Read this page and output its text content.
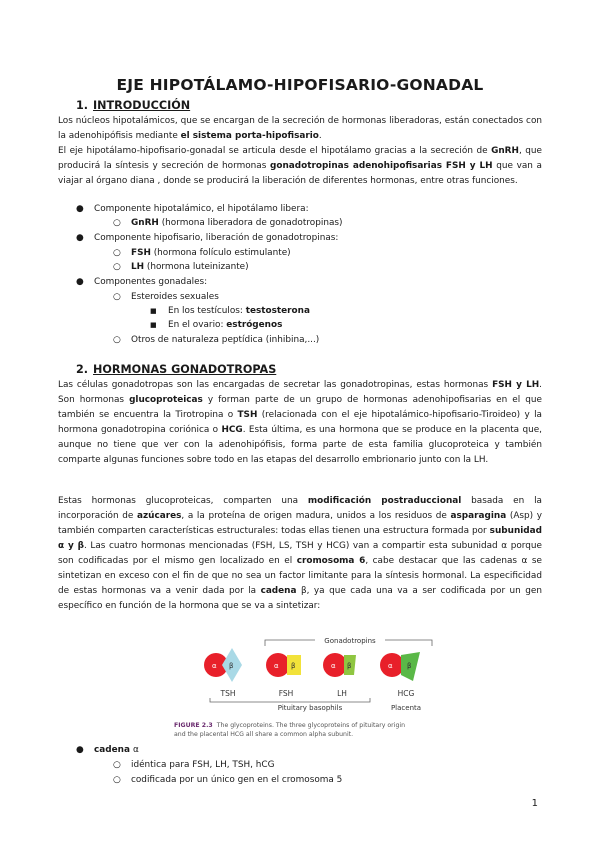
EJE HIPOTÁLAMO-HIPOFISARIO-GONADAL
1. INTRODUCCIÓN
Los núcleos hipotalámicos, que se encargan de la secreción de hormonas liberadoras, están conectados con la adenohipófisis mediante el sistema porta-hipofisario.
El eje hipotálamo-hipofisario-gonadal se articula desde el hipotálamo gracias a la secreción de GnRH, que producirá la síntesis y secreción de hormonas gonadotropinas adenohipofisarias FSH y LH que van a viajar al órgano diana , donde se producirá la liberación de diferentes hormonas, entre otras funciones.
● Componente hipotalámico, el hipotálamo libera:
○ GnRH (hormona liberadora de gonadotropinas)
● Componente hipofisario, liberación de gonadotropinas:
○ FSH (hormona folículo estimulante)
○ LH (hormona luteinizante)
● Componentes gonadales:
○ Esteroides sexuales
■ En los testículos: testosterona
■ En el ovario: estrógenos
○ Otros de naturaleza peptídica (inhibina,...)
2. HORMONAS GONADOTROPAS
Las células gonadotropas son las encargadas de secretar las gonadotropinas, estas hormonas FSH y LH. Son hormonas glucoproteicas y forman parte de un grupo de hormonas adenohipofisarias en el que también se encuentra la Tirotropina o TSH (relacionada con el eje hipotalámico-hipofisario-Tiroideo) y la hormona gonadotropina coriónica o HCG. Esta última, es una hormona que se produce en la placenta que, aunque no tiene que ver con la adenohipófisis, forma parte de esta familia glucoproteica y también comparte algunas funciones sobre todo en las etapas del desarrollo embrionario junto con la LH.
Estas hormonas glucoproteicas, comparten una modificación postraduccional basada en la incorporación de azúcares, a la proteína de origen madura, unidos a los residuos de asparagina (Asp) y también comparten características estructurales: todas ellas tienen una estructura formada por subunidad α y β. Las cuatro hormonas mencionadas (FSH, LS, TSH y HCG) van a compartir esta subunidad α porque son codificadas por el mismo gen localizado en el cromosoma 6, cabe destacar que las cadenas α se sintetizan en exceso con el fin de que no sea un factor limitante para la síntesis hormonal. La especificidad de estas hormonas va a venir dada por la cadena β, ya que cada una va a ser codificada por un gen específico en función de la hormona que se va a sintetizar:
Gonadotropins
α β
TSH
α β
FSH
α β
LH
α β
HCG
Pituitary basophils	Placenta
FIGURE 2.3 The glycoproteins. The three glycoproteins of pituitary origin
and the placental HCG all share a common alpha subunit.
● cadena α
○ idéntica para FSH, LH, TSH, hCG
○ codificada por un único gen en el cromosoma 5
1
